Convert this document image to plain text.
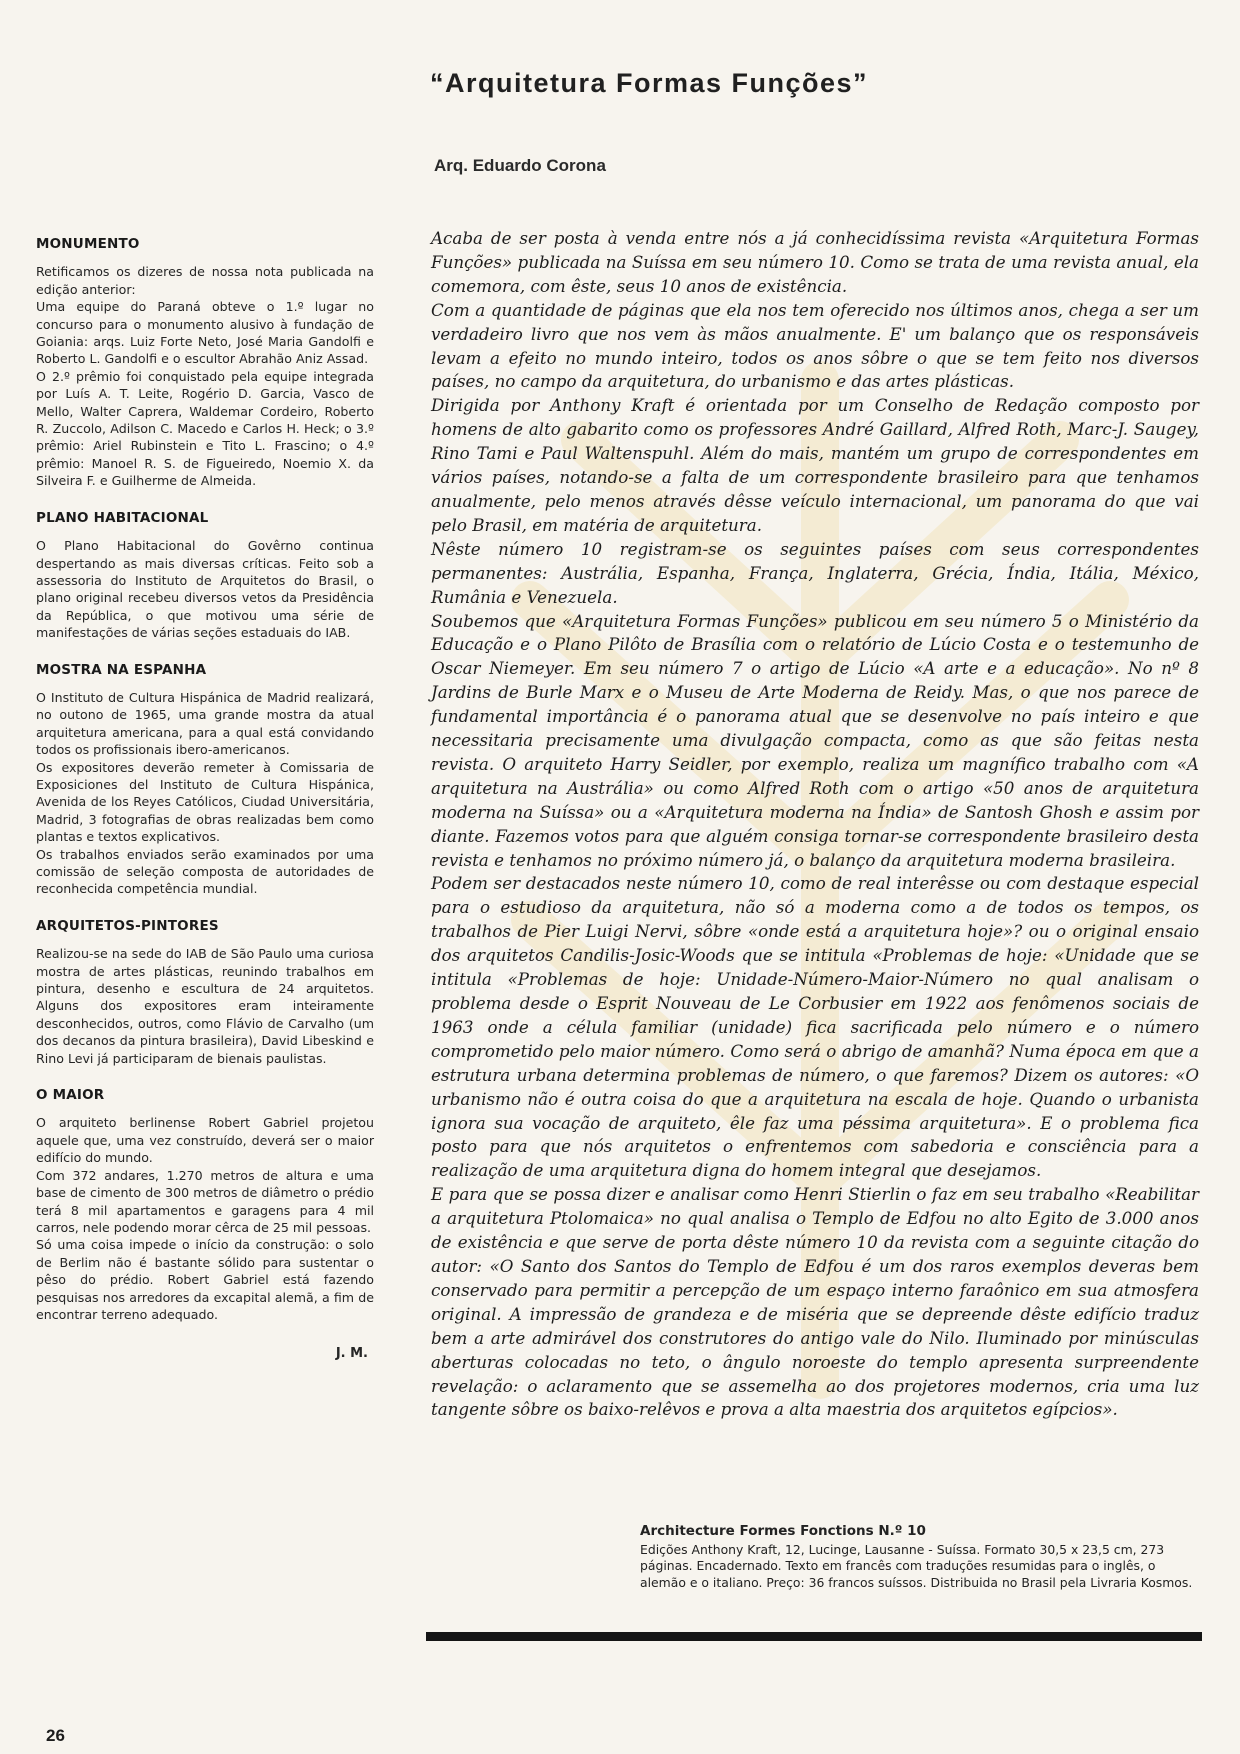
“Arquitetura Formas Funções”
Arq. Eduardo Corona
MONUMENTO

Retificamos os dizeres de nossa nota publicada na edição anterior:

Uma equipe do Paraná obteve o 1.º lugar no concurso para o monumento alusivo à fundação de Goiania: arqs. Luiz Forte Neto, José Maria Gandolfi e Roberto L. Gandolfi e o escultor Abrahão Aniz Assad.

O 2.º prêmio foi conquistado pela equipe integrada por Luís A. T. Leite, Rogério D. Garcia, Vasco de Mello, Walter Caprera, Waldemar Cordeiro, Roberto R. Zuccolo, Adilson C. Macedo e Carlos H. Heck; o 3.º prêmio: Ariel Rubinstein e Tito L. Frascino; o 4.º prêmio: Manoel R. S. de Figueiredo, Noemio X. da Silveira F. e Guilherme de Almeida.

PLANO HABITACIONAL

O Plano Habitacional do Govêrno continua despertando as mais diversas críticas. Feito sob a assessoria do Instituto de Arquitetos do Brasil, o plano original recebeu diversos vetos da Presidência da República, o que motivou uma série de manifestações de várias seções estaduais do IAB.

MOSTRA NA ESPANHA

O Instituto de Cultura Hispánica de Madrid realizará, no outono de 1965, uma grande mostra da atual arquitetura americana, para a qual está convidando todos os profissionais ibero-americanos.

Os expositores deverão remeter à Comissaria de Exposiciones del Instituto de Cultura Hispánica, Avenida de los Reyes Católicos, Ciudad Universitária, Madrid, 3 fotografias de obras realizadas bem como plantas e textos explicativos.

Os trabalhos enviados serão examinados por uma comissão de seleção composta de autoridades de reconhecida competência mundial.

ARQUITETOS-PINTORES

Realizou-se na sede do IAB de São Paulo uma curiosa mostra de artes plásticas, reunindo trabalhos em pintura, desenho e escultura de 24 arquitetos. Alguns dos expositores eram inteiramente desconhecidos, outros, como Flávio de Carvalho (um dos decanos da pintura brasileira), David Libeskind e Rino Levi já participaram de bienais paulistas.

O MAIOR

O arquiteto berlinense Robert Gabriel projetou aquele que, uma vez construído, deverá ser o maior edifício do mundo.

Com 372 andares, 1.270 metros de altura e uma base de cimento de 300 metros de diâmetro o prédio terá 8 mil apartamentos e garagens para 4 mil carros, nele podendo morar cêrca de 25 mil pessoas.

Só uma coisa impede o início da construção: o solo de Berlim não é bastante sólido para sustentar o pêso do prédio. Robert Gabriel está fazendo pesquisas nos arredores da excapital alemã, a fim de encontrar terreno adequado.

J. M.

Acaba de ser posta à venda entre nós a já conhecidíssima revista «Arquitetura Formas Funções» publicada na Suíssa em seu número 10. Como se trata de uma revista anual, ela comemora, com êste, seus 10 anos de existência.

Com a quantidade de páginas que ela nos tem oferecido nos últimos anos, chega a ser um verdadeiro livro que nos vem às mãos anualmente. E' um balanço que os responsáveis levam a efeito no mundo inteiro, todos os anos sôbre o que se tem feito nos diversos países, no campo da arquitetura, do urbanismo e das artes plásticas.

Dirigida por Anthony Kraft é orientada por um Conselho de Redação composto por homens de alto gabarito como os professores André Gaillard, Alfred Roth, Marc-J. Saugey, Rino Tami e Paul Waltenspuhl. Além do mais, mantém um grupo de correspondentes em vários países, notando-se a falta de um correspondente brasileiro para que tenhamos anualmente, pelo menos através dêsse veículo internacional, um panorama do que vai pelo Brasil, em matéria de arquitetura.

Nêste número 10 registram-se os seguintes países com seus correspondentes permanentes: Austrália, Espanha, França, Inglaterra, Grécia, Índia, Itália, México, Rumânia e Venezuela.

Soubemos que «Arquitetura Formas Funções» publicou em seu número 5 o Ministério da Educação e o Plano Pilôto de Brasília com o relatório de Lúcio Costa e o testemunho de Oscar Niemeyer. Em seu número 7 o artigo de Lúcio «A arte e a educação». No nº 8 Jardins de Burle Marx e o Museu de Arte Moderna de Reidy. Mas, o que nos parece de fundamental importância é o panorama atual que se desenvolve no país inteiro e que necessitaria precisamente uma divulgação compacta, como as que são feitas nesta revista. O arquiteto Harry Seidler, por exemplo, realiza um magnífico trabalho com «A arquitetura na Austrália» ou como Alfred Roth com o artigo «50 anos de arquitetura moderna na Suíssa» ou a «Arquitetura moderna na Índia» de Santosh Ghosh e assim por diante. Fazemos votos para que alguém consiga tornar-se correspondente brasileiro desta revista e tenhamos no próximo número já, o balanço da arquitetura moderna brasileira.

Podem ser destacados neste número 10, como de real interêsse ou com destaque especial para o estudioso da arquitetura, não só a moderna como a de todos os tempos, os trabalhos de Pier Luigi Nervi, sôbre «onde está a arquitetura hoje»? ou o original ensaio dos arquitetos Candilis-Josic-Woods que se intitula «Problemas de hoje: «Unidade que se intitula «Problemas de hoje: Unidade-Número-Maior-Número no qual analisam o problema desde o Esprit Nouveau de Le Corbusier em 1922 aos fenômenos sociais de 1963 onde a célula familiar (unidade) fica sacrificada pelo número e o número comprometido pelo maior número. Como será o abrigo de amanhã? Numa época em que a estrutura urbana determina problemas de número, o que faremos? Dizem os autores: «O urbanismo não é outra coisa do que a arquitetura na escala de hoje. Quando o urbanista ignora sua vocação de arquiteto, êle faz uma péssima arquitetura». E o problema fica posto para que nós arquitetos o enfrentemos com sabedoria e consciência para a realização de uma arquitetura digna do homem integral que desejamos.

E para que se possa dizer e analisar como Henri Stierlin o faz em seu trabalho «Reabilitar a arquitetura Ptolomaica» no qual analisa o Templo de Edfou no alto Egito de 3.000 anos de existência e que serve de porta dêste número 10 da revista com a seguinte citação do autor: «O Santo dos Santos do Templo de Edfou é um dos raros exemplos deveras bem conservado para permitir a percepção de um espaço interno faraônico em sua atmosfera original. A impressão de grandeza e de miséria que se depreende dêste edifício traduz bem a arte admirável dos construtores do antigo vale do Nilo. Iluminado por minúsculas aberturas colocadas no teto, o ângulo noroeste do templo apresenta surpreendente revelação: o aclaramento que se assemelha ao dos projetores modernos, cria uma luz tangente sôbre os baixo-relêvos e prova a alta maestria dos arquitetos egípcios».

Architecture Formes Fonctions N.º 10

Edições Anthony Kraft, 12, Lucinge, Lausanne - Suíssa. Formato 30,5 x 23,5 cm, 273 páginas. Encadernado. Texto em francês com traduções resumidas para o inglês, o alemão e o italiano. Preço: 36 francos suíssos. Distribuida no Brasil pela Livraria Kosmos.

26
